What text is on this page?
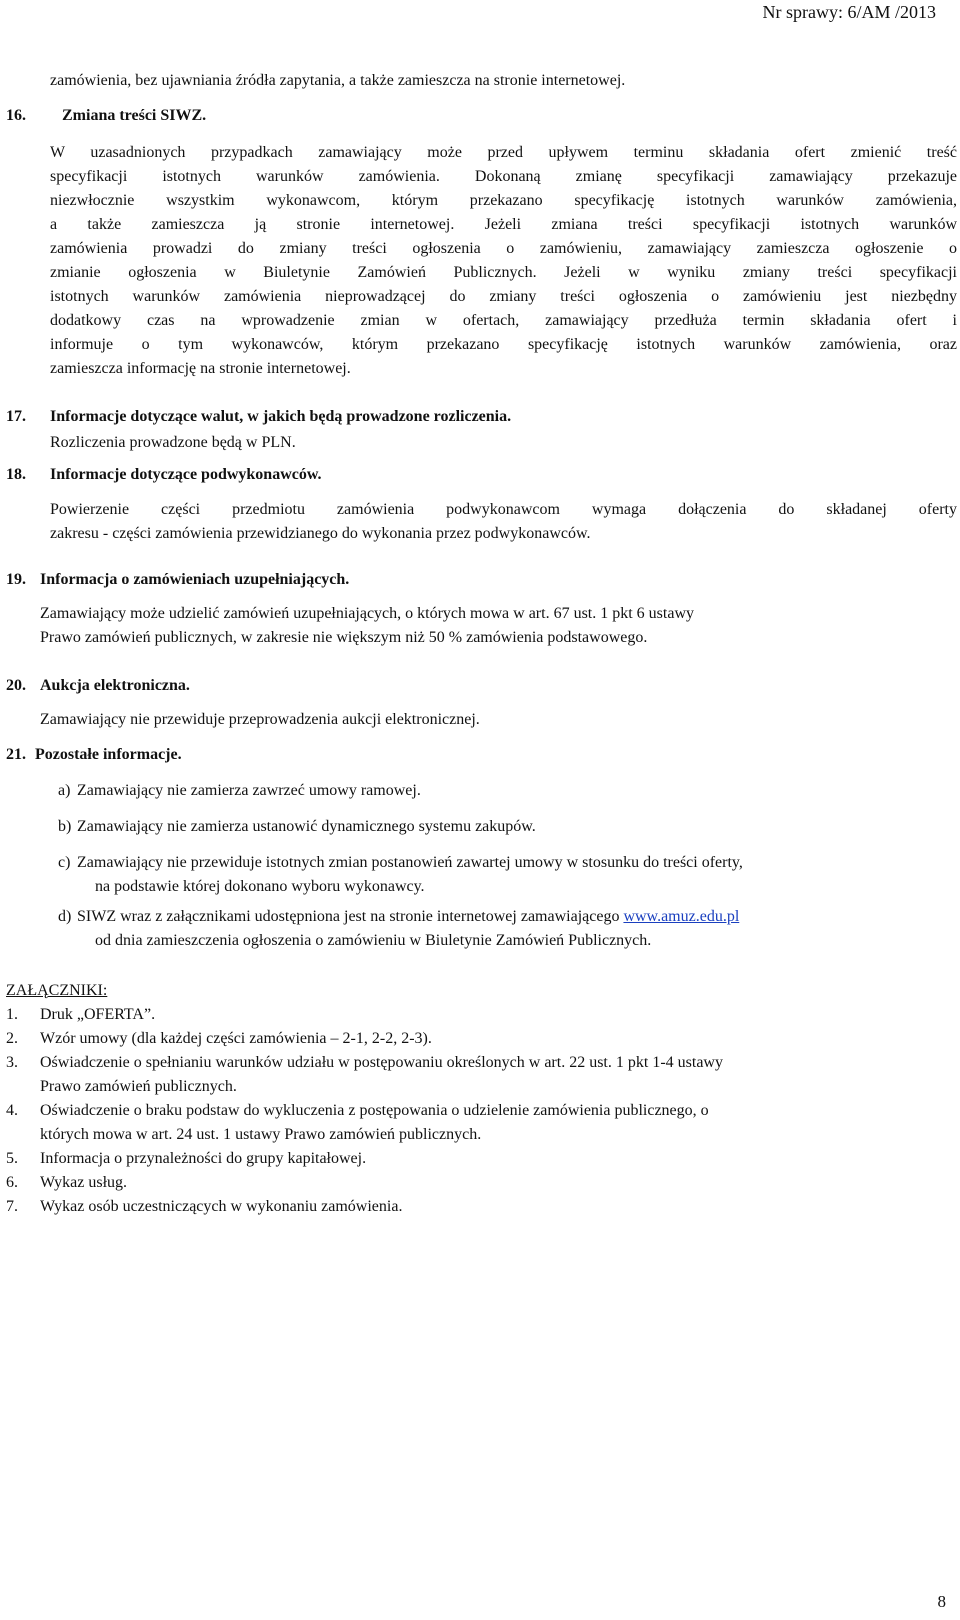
Nr sprawy: 6/AM /2013
zamówienia, bez ujawniania źródła zapytania, a także zamieszcza na stronie internetowej.
16. Zmiana treści SIWZ.
W uzasadnionych przypadkach zamawiający może przed upływem terminu składania ofert zmienić treść
specyfikacji istotnych warunków zamówienia. Dokonaną zmianę specyfikacji zamawiający przekazuje
niezwłocznie wszystkim wykonawcom, którym przekazano specyfikację istotnych warunków zamówienia,
a także zamieszcza ją stronie internetowej. Jeżeli zmiana treści specyfikacji istotnych warunków
zamówienia prowadzi do zmiany treści ogłoszenia o zamówieniu, zamawiający zamieszcza ogłoszenie o
zmianie ogłoszenia w Biuletynie Zamówień Publicznych. Jeżeli w wyniku zmiany treści specyfikacji
istotnych warunków zamówienia nieprowadzącej do zmiany treści ogłoszenia o zamówieniu jest niezbędny
dodatkowy czas na wprowadzenie zmian w ofertach, zamawiający przedłuża termin składania ofert i
informuje o tym wykonawców, którym przekazano specyfikację istotnych warunków zamówienia, oraz
zamieszcza informację na stronie internetowej.
17. Informacje dotyczące walut, w jakich będą prowadzone rozliczenia.
Rozliczenia prowadzone będą w PLN.
18. Informacje dotyczące podwykonawców.
Powierzenie części przedmiotu zamówienia podwykonawcom wymaga dołączenia do składanej oferty
zakresu - części zamówienia przewidzianego do wykonania przez podwykonawców.
19. Informacja o zamówieniach uzupełniających.
Zamawiający może udzielić zamówień uzupełniających, o których mowa w art. 67 ust. 1 pkt 6 ustawy
Prawo zamówień publicznych, w zakresie nie większym niż 50 % zamówienia podstawowego.
20. Aukcja elektroniczna.
Zamawiający nie przewiduje przeprowadzenia aukcji elektronicznej.
21. Pozostałe informacje.
a) Zamawiający nie zamierza zawrzeć umowy ramowej.
b) Zamawiający nie zamierza ustanowić dynamicznego systemu zakupów.
c) Zamawiający nie przewiduje istotnych zmian postanowień zawartej umowy w stosunku do treści oferty,
na podstawie której dokonano wyboru wykonawcy.
d) SIWZ wraz z załącznikami udostępniona jest na stronie internetowej zamawiającego www.amuz.edu.pl
od dnia zamieszczenia ogłoszenia o zamówieniu w Biuletynie Zamówień Publicznych.
ZAŁĄCZNIKI:
1. Druk „OFERTA”.
2. Wzór umowy (dla każdej części zamówienia – 2-1, 2-2, 2-3).
3. Oświadczenie o spełnianiu warunków udziału w postępowaniu określonych w art. 22 ust. 1 pkt 1-4 ustawy
Prawo zamówień publicznych.
4. Oświadczenie o braku podstaw do wykluczenia z postępowania o udzielenie zamówienia publicznego, o
których mowa w art. 24 ust. 1 ustawy Prawo zamówień publicznych.
5. Informacja o przynależności do grupy kapitałowej.
6. Wykaz usług.
7. Wykaz osób uczestniczących w wykonaniu zamówienia.
8
